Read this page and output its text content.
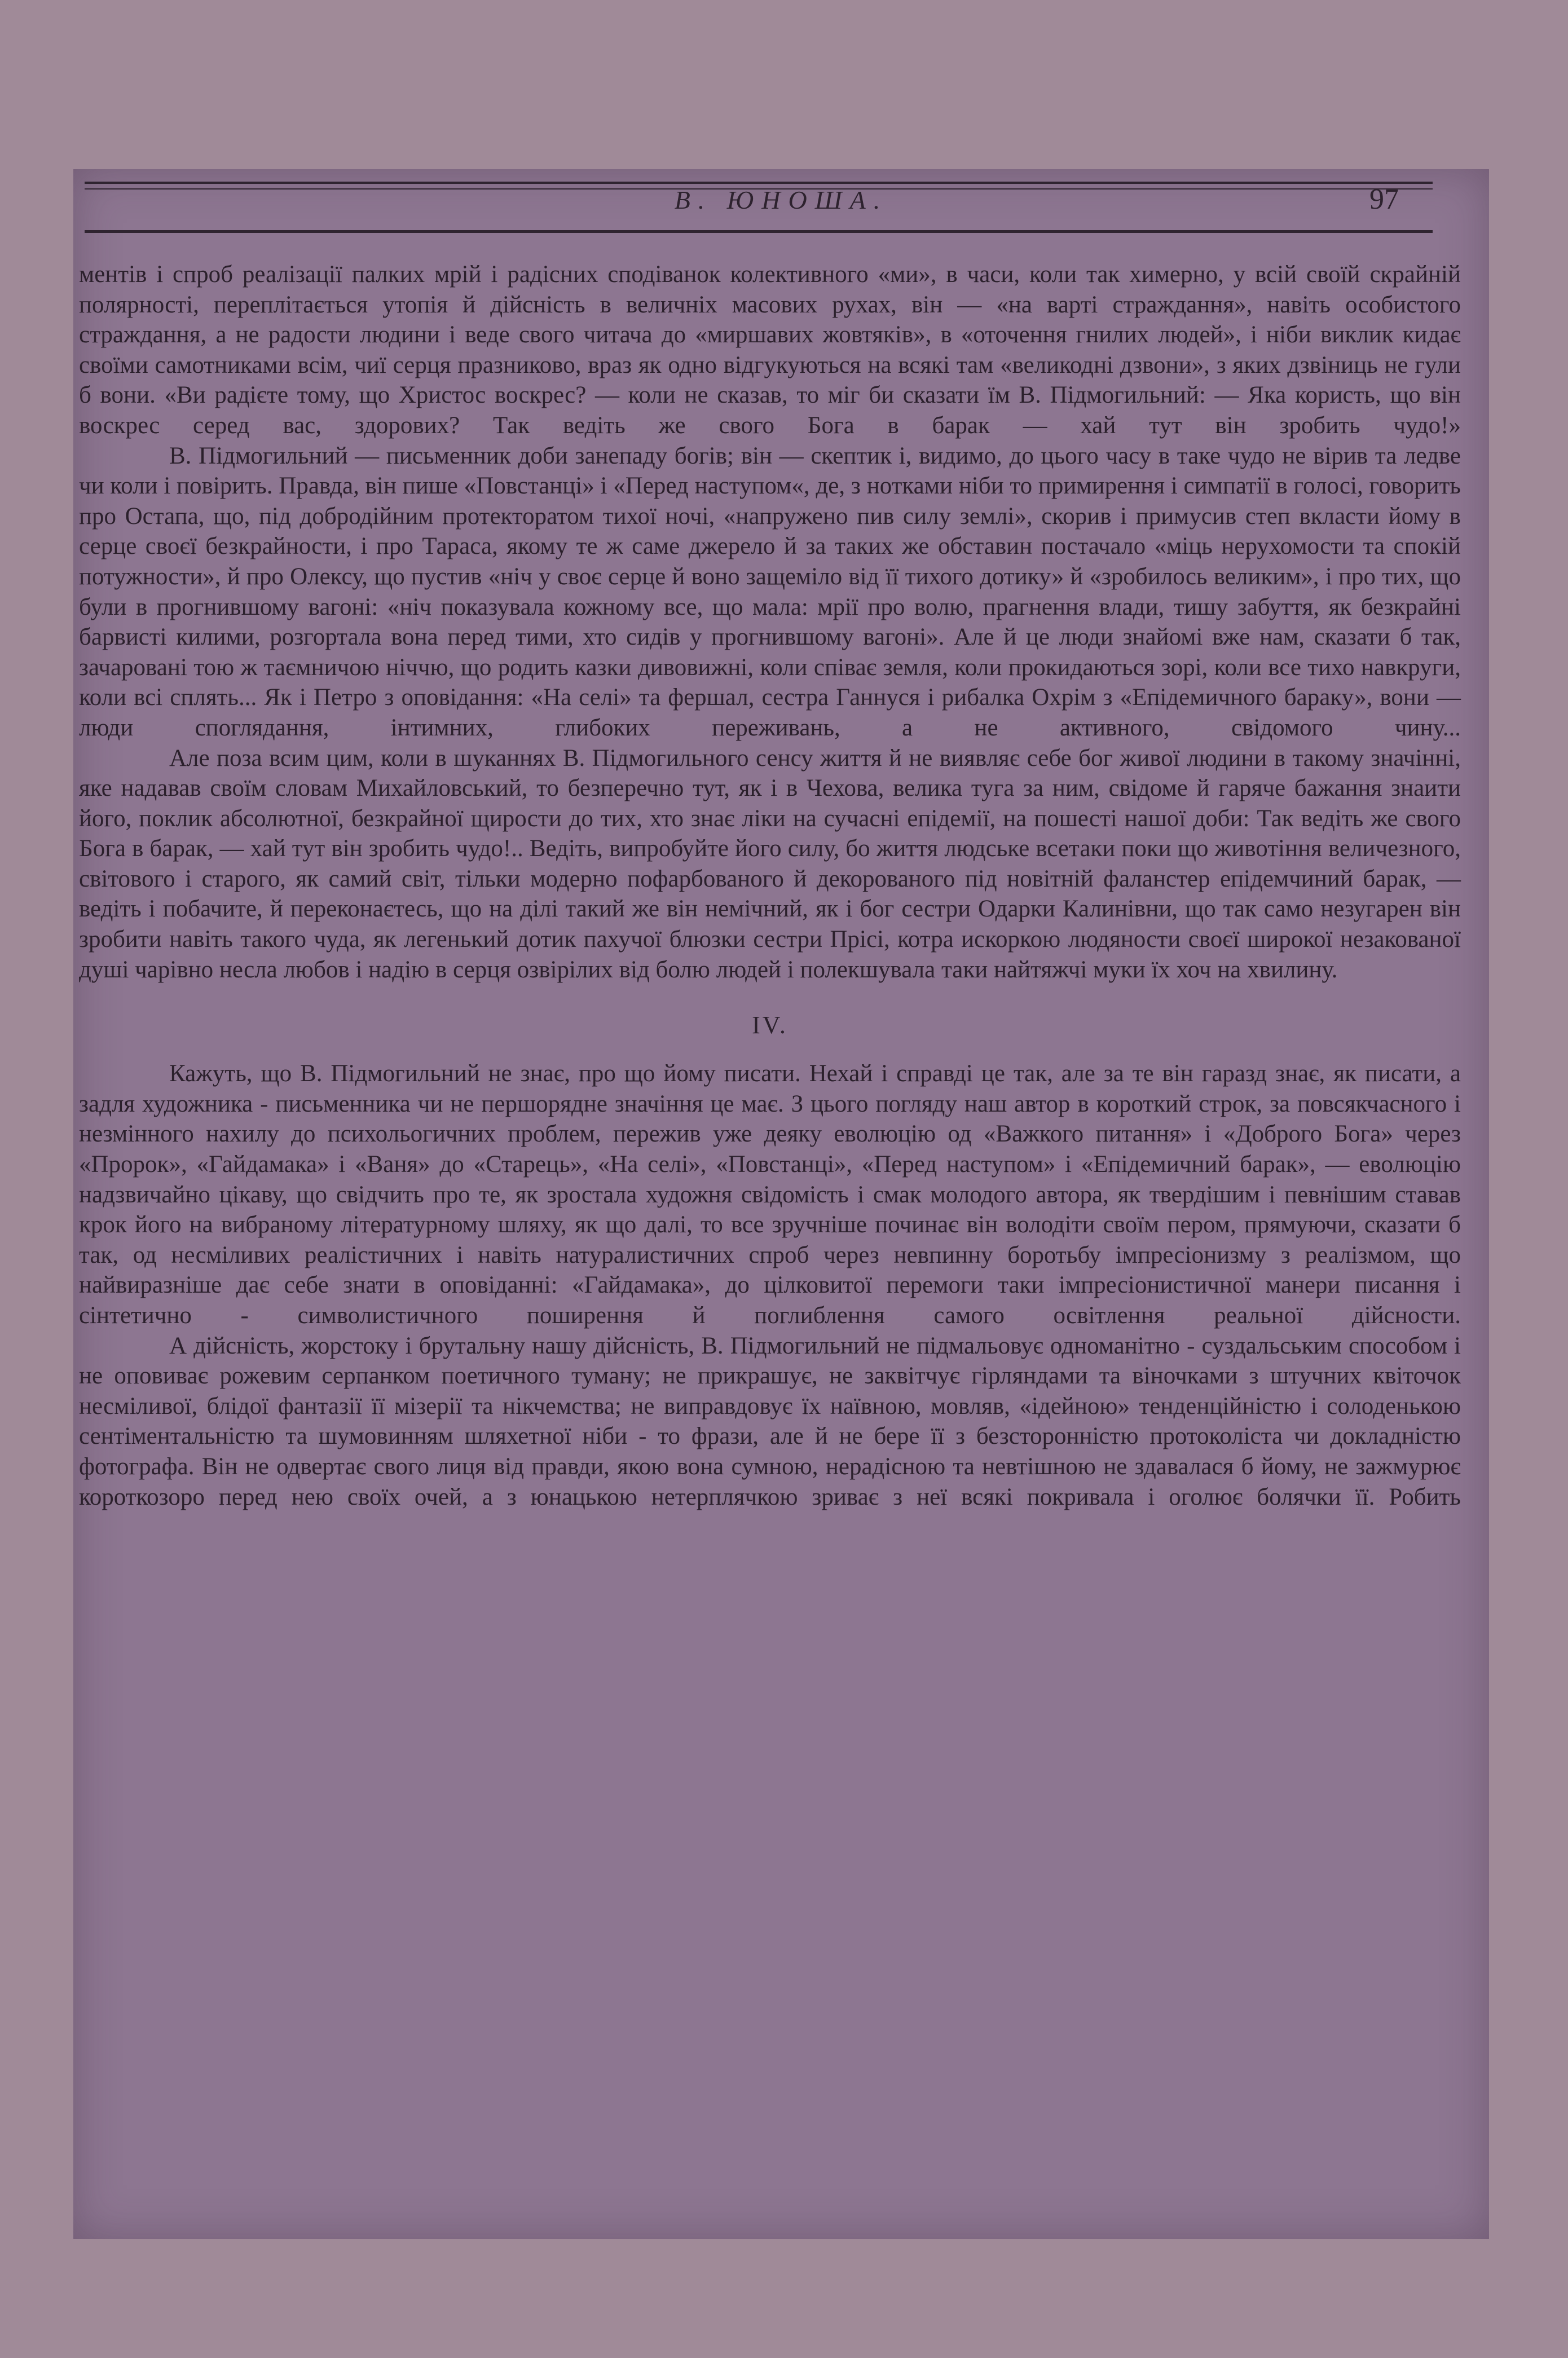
В. ЮНОША.	97

ментів і спроб реалізації палких мрій і радісних сподіванок колективного «ми», в часи, коли так химерно, у всій своїй скрайній полярності, переплітається утопія й дійсність в величніх масових рухах, він — «на варті страждання», навіть особистого страждання, а не радости людини і веде свого читача до «миршавих жовтяків», в «оточення гнилих людей», і ніби виклик кидає своїми самотниками всім, чиї серця празниково, враз як одно відгукуються на всякі там «великодні дзвони», з яких дзвіниць не гули б вони. «Ви радієте тому, що Христос воскрес? — коли не сказав, то міг би сказати їм В. Підмогильний: — Яка користь, що він воскрес серед вас, здорових? Так ведіть же свого Бога в барак — хай тут він зробить чудо!»

В. Підмогильний — письменник доби занепаду богів; він — скептик і, видимо, до цього часу в таке чудо не вірив та ледве чи коли і повірить. Правда, він пише «Повстанці» і «Перед наступом«, де, з нотками ніби то примирення і симпатії в голосі, говорить про Остапа, що, під добродійним протекторатом тихої ночі, «напружено пив силу землі», скорив і примусив степ вкласти йому в серце своєї безкрайности, і про Тараса, якому те ж саме джерело й за таких же обставин постачало «міць нерухомости та спокій потужности», й про Олексу, що пустив «ніч у своє серце й воно защеміло від її тихого дотику» й «зробилось великим», і про тих, що були в прогнившому вагоні: «ніч показувала кожному все, що мала: мрії про волю, прагнення влади, тишу забуття, як безкрайні барвисті килими, розгортала вона перед тими, хто сидів у прогнившому вагоні». Але й це люди знайомі вже нам, сказати б так, зачаровані тою ж таємничою ніччю, що родить казки дивовижні, коли співає земля, коли прокидаються зорі, коли все тихо навкруги, коли всі сплять... Як і Петро з оповідання: «На селі» та фершал, сестра Ганнуся і рибалка Охрім з «Епідемичного бараку», вони — люди споглядання, інтимних, глибоких переживань, а не активного, свідомого чину...

Але поза всим цим, коли в шуканнях В. Підмогильного сенсу життя й не виявляє себе бог живої людини в такому значінні, яке надавав своїм словам Михайловський, то безперечно тут, як і в Чехова, велика туга за ним, свідоме й гаряче бажання знаити його, поклик абсолютної, безкрайної щирости до тих, хто знає ліки на сучасні епідемії, на пошесті нашої доби: Так ведіть же свого Бога в барак, — хай тут він зробить чудо!.. Ведіть, випробуйте його силу, бо життя людське всетаки поки що животіння величезного, світового і старого, як самий світ, тільки модерно пофарбованого й декорованого під новітній фаланстер епідемчиний барак, — ведіть і побачите, й переконаєтесь, що на ділі такий же він немічний, як і бог сестри Одарки Калинівни, що так само незугарен він зробити навіть такого чуда, як легенький дотик пахучої блюзки сестри Прісі, котра искоркою людяности своєї широкої незакованої душі чарівно несла любов і надію в серця озвірілих від болю людей і полекшувала таки найтяжчі муки їх хоч на хвилину.

IV.

Кажуть, що В. Підмогильний не знає, про що йому писати. Нехай і справді це так, але за те він гаразд знає, як писати, а задля художника - письменника чи не першорядне значіння це має. З цього погляду наш автор в короткий строк, за повсякчасного і незмінного нахилу до психольогичних проблем, пережив уже деяку еволюцію од «Важкого питання» і «Доброго Бога» через «Пророк», «Гайдамака» і «Ваня» до «Старець», «На селі», «Повстанці», «Перед наступом» і «Епідемичний барак», — еволюцію надзвичайно цікаву, що свідчить про те, як зростала художня свідомість і смак молодого автора, як твердішим і певнішим ставав крок його на вибраному літературному шляху, як що далі, то все зручніше починає він володіти своїм пером, прямуючи, сказати б так, од несміливих реалістичних і навіть натуралистичних спроб через невпинну боротьбу імпресіонизму з реалізмом, що найвиразніше дає себе знати в оповіданні: «Гайдамака», до цілковитої перемоги таки імпресіонистичної манери писання і сінтетично - символистичного поширення й поглиблення самого освітлення реальної дійсности.

А дійсність, жорстоку і брутальну нашу дійсність, В. Підмогильний не підмальовує одноманітно - суздальським способом і не оповиває рожевим серпанком поетичного туману; не прикрашує, не заквітчує гірляндами та віночками з штучних квіточок несміливої, блідої фантазії її мізерії та нікчемства; не виправдовує їх наївною, мовляв, «ідейною» тенденційністю і солоденькою сентіментальністю та шумовинням шляхетної ніби - то фрази, але й не бере її з безсторонністю протоколіста чи докладністю фотографа. Він не одвертає свого лиця від правди, якою вона сумною, нерадісною та невтішною не здавалася б йому, не зажмурює короткозоро перед нею своїх очей, а з юнацькою нетерплячкою зриває з неї всякі покривала і оголює болячки її. Робить
